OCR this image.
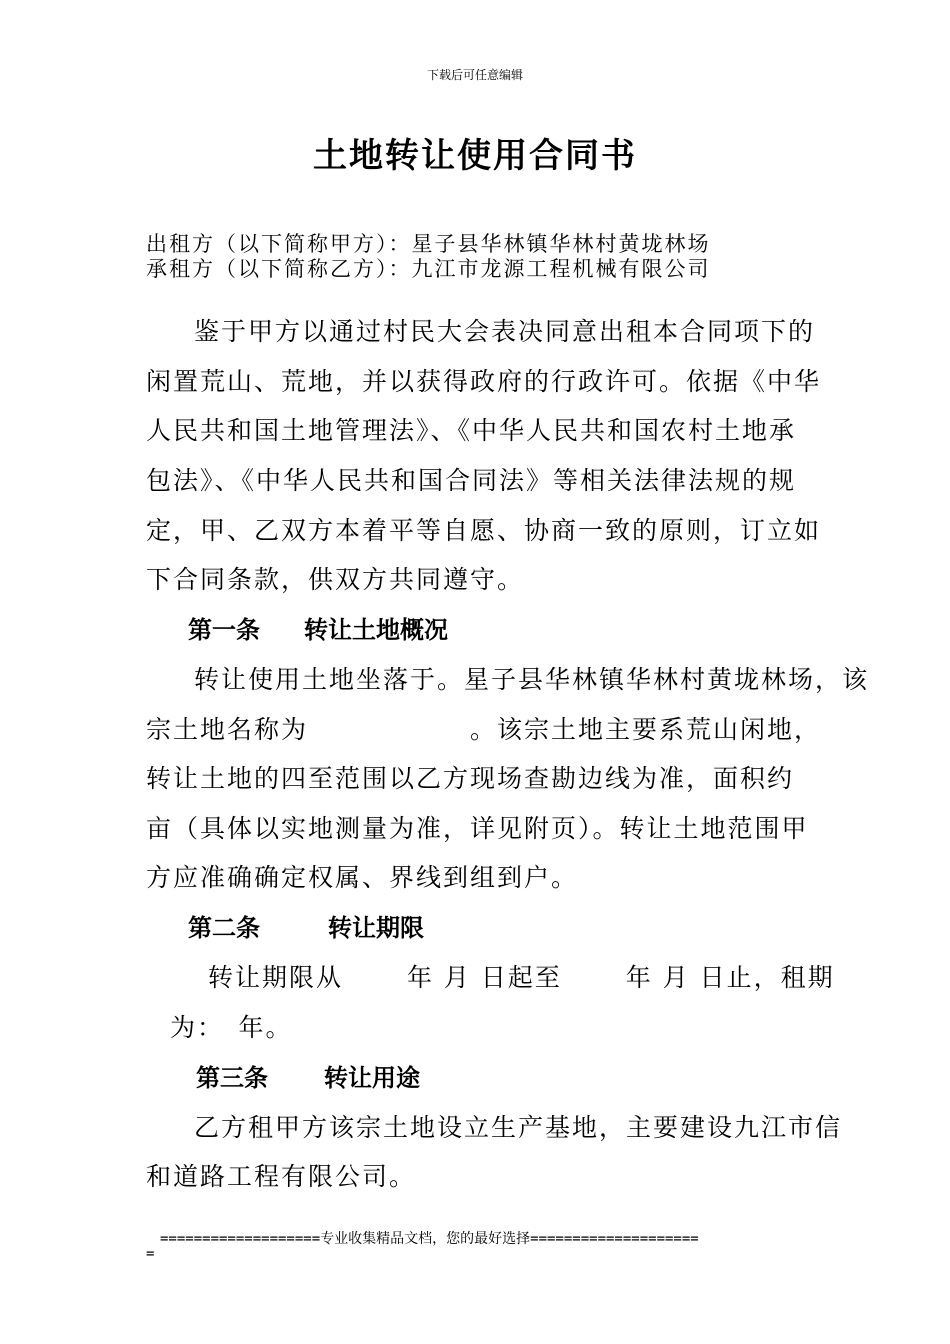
下载后可任意编辑
土地转让使用合同书
出租方（以下简称甲方）：星子县华林镇华林村黄垅林场
承租方（以下简称乙方）：九江市龙源工程机械有限公司
鉴于甲方以通过村民大会表决同意出租本合同项下的
闲置荒山、荒地，并以获得政府的行政许可。依据《中华
人民共和国土地管理法》、《中华人民共和国农村土地承
包法》、《中华人民共和国合同法》等相关法律法规的规
定，甲、乙双方本着平等自愿、协商一致的原则，订立如
下合同条款，供双方共同遵守。
第一条 转让土地概况
转让使用土地坐落于。星子县华林镇华林村黄垅林场，该
宗土地名称为　　　　　　。该宗土地主要系荒山闲地，
转让土地的四至范围以乙方现场查勘边线为准，面积约
亩（具体以实地测量为准，详见附页）。转让土地范围甲
方应准确确定权属、界线到组到户。
第二条	转让期限
转让期限从　　 年 月 日起至　　 年 月 日止，租期
为：　年。
第三条 转让用途
乙方租甲方该宗土地设立生产基地，主要建设九江市信
和道路工程有限公司。
===================专业收集精品文档，您的最好选择====================
=
